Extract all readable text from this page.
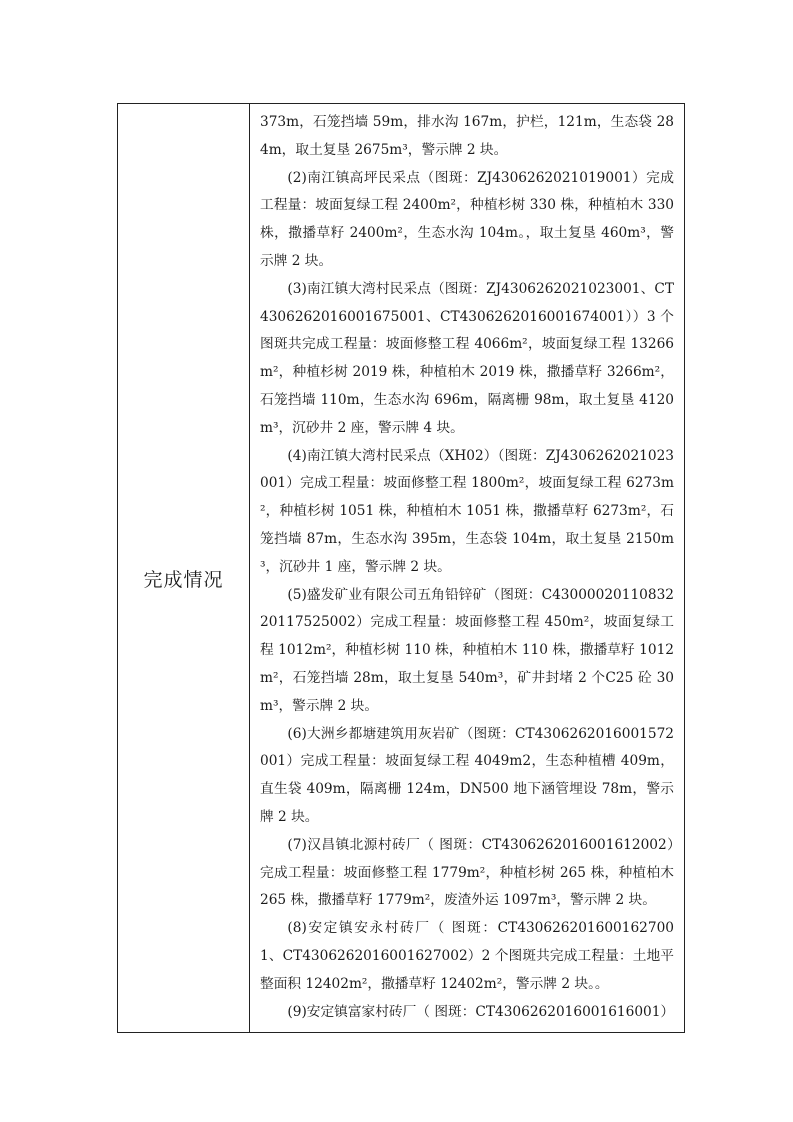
完成情况

373m，石笼挡墙 59m，排水沟 167m，护栏，121m，生态袋 284m，取土复垦 2675m³，警示牌 2 块。

(2)南江镇高坪民采点（图斑：ZJ4306262021019001）完成工程量：坡面复绿工程 2400m²，种植杉树 330 株，种植柏木 330 株，撒播草籽 2400m²，生态水沟 104m。，取土复垦 460m³，警示牌 2 块。

(3)南江镇大湾村民采点（图斑：ZJ4306262021023001、CT4306262016001675001、CT4306262016001674001））3 个图斑共完成工程量：坡面修整工程 4066m²，坡面复绿工程 13266m²，种植杉树 2019 株，种植柏木 2019 株，撒播草籽 3266m²，石笼挡墙 110m，生态水沟 696m，隔离栅 98m，取土复垦 4120m³，沉砂井 2 座，警示牌 4 块。

(4)南江镇大湾村民采点（XH02）（图斑：ZJ4306262021023001）完成工程量：坡面修整工程 1800m²，坡面复绿工程 6273m²，种植杉树 1051 株，种植柏木 1051 株，撒播草籽 6273m²，石笼挡墙 87m，生态水沟 395m，生态袋 104m，取土复垦 2150m³，沉砂井 1 座，警示牌 2 块。

(5)盛发矿业有限公司五角铅锌矿（图斑：C4300002011083220117525002）完成工程量：坡面修整工程 450m²，坡面复绿工程 1012m²，种植杉树 110 株，种植柏木 110 株，撒播草籽 1012m²，石笼挡墙 28m，取土复垦 540m³，矿井封堵 2 个C25 砼 30m³，警示牌 2 块。

(6)大洲乡都塘建筑用灰岩矿（图斑：CT4306262016001572001）完成工程量：坡面复绿工程 4049m2，生态种植槽 409m，直生袋 409m，隔离栅 124m，DN500 地下涵管埋设 78m，警示牌 2 块。

(7)汉昌镇北源村砖厂（ 图斑：CT4306262016001612002）完成工程量：坡面修整工程 1779m²，种植杉树 265 株，种植柏木 265 株，撒播草籽 1779m²，废渣外运 1097m³，警示牌 2 块。

(8)安定镇安永村砖厂（ 图斑：CT4306262016001627001、CT4306262016001627002）2 个图斑共完成工程量：土地平整面积 12402m²，撒播草籽 12402m²，警示牌 2 块。。

(9)安定镇富家村砖厂（ 图斑：CT4306262016001616001）
